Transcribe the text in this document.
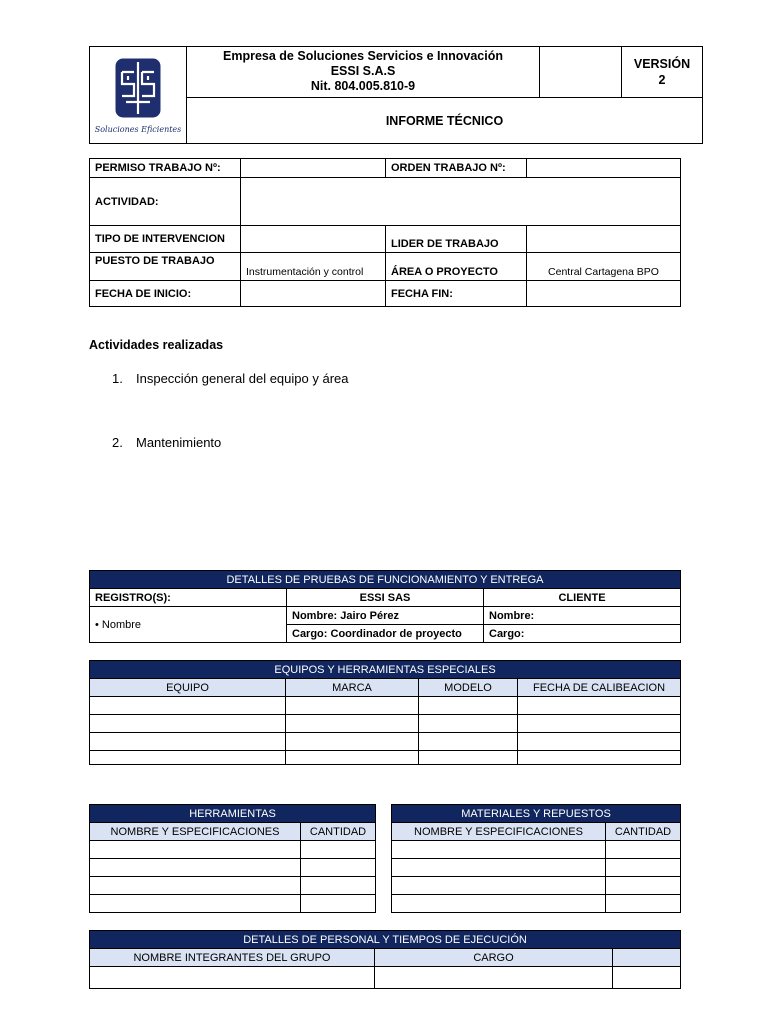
Soluciones Eficientes

Empresa de Soluciones Servicios e Innovación
ESSI S.A.S
Nit. 804.005.810-9

VERSIÓN
2

INFORME TÉCNICO
PERMISO TRABAJO Nº:		ORDEN TRABAJO Nº:	
ACTIVIDAD:			
TIPO DE INTERVENCION		LIDER DE TRABAJO	
PUESTO DE TRABAJO	Instrumentación y control	ÁREA O PROYECTO	Central Cartagena BPO
FECHA DE INICIO:		FECHA FIN:	
Actividades realizadas
1. Inspección general del equipo y área
2. Mantenimiento
DETALLES DE PRUEBAS DE FUNCIONAMIENTO Y ENTREGA		
REGISTRO(S):	ESSI SAS	CLIENTE
• Nombre	Nombre: Jairo Pérez	Nombre:
	Cargo: Coordinador de proyecto	Cargo:
EQUIPOS Y HERRAMIENTAS ESPECIALES			
EQUIPO	MARCA	MODELO	FECHA DE CALIBEACION

HERRAMIENTAS	
NOMBRE Y ESPECIFICACIONES	CANTIDAD

MATERIALES Y REPUESTOS	
NOMBRE Y ESPECIFICACIONES	CANTIDAD

DETALLES DE PERSONAL Y TIEMPOS DE EJECUCIÓN		
NOMBRE INTEGRANTES DEL GRUPO	CARGO	
